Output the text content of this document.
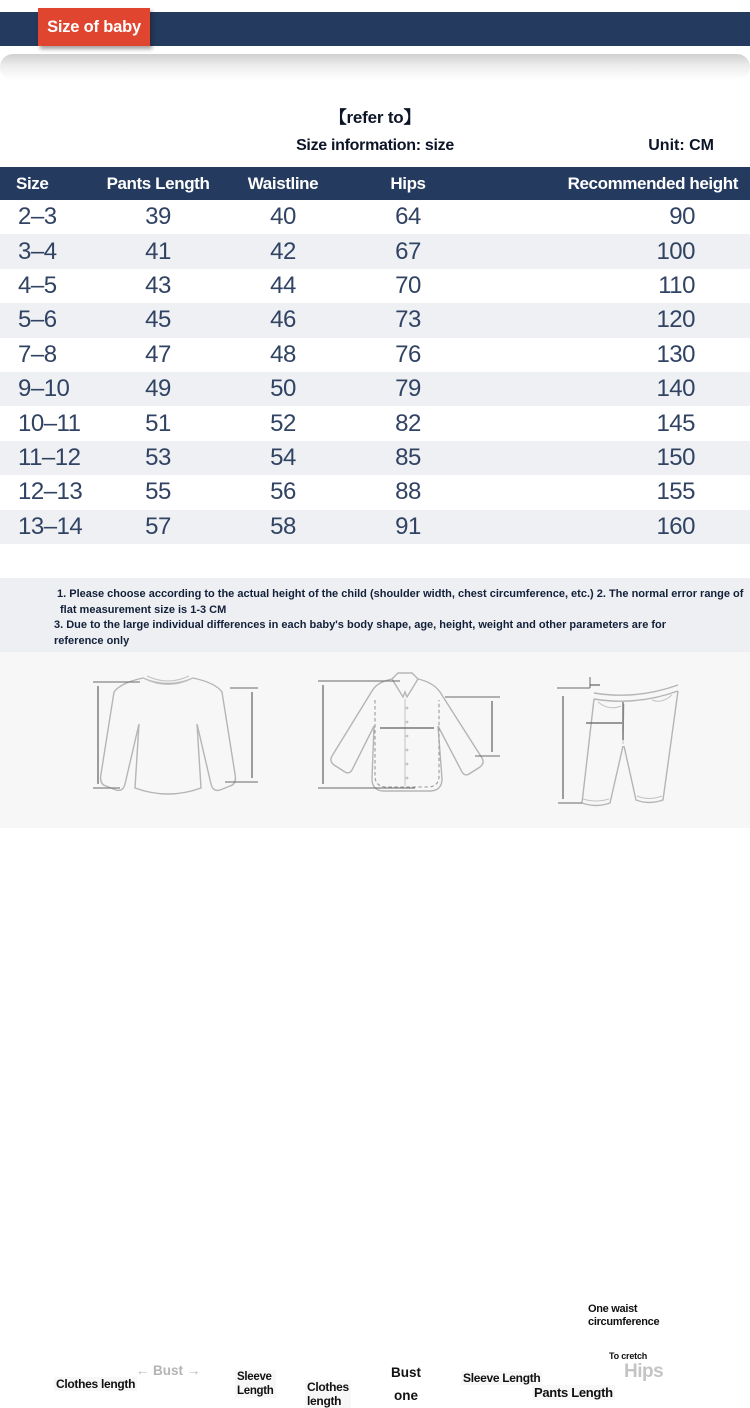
Size of baby
【refer to】
Size information: size	Unit: CM
Size	Pants Length	Waistline	Hips	Recommended height
2–3	39	40	64	90
3–4	41	42	67	100
4–5	43	44	70	110
5–6	45	46	73	120
7–8	47	48	76	130
9–10	49	50	79	140
10–11	51	52	82	145
11–12	53	54	85	150
12–13	55	56	88	155
13–14	57	58	91	160
1. Please choose according to the actual height of the child (shoulder width, chest circumference, etc.) 2. The normal error range of
flat measurement size is 1-3 CM
3. Due to the large individual differences in each baby's body shape, age, height, weight and other parameters are for
reference only
Clothes length
← Bust →	Sleeve
Length	Clothes
length
Bust
one
Sleeve Length
One waist
circumference
To cretch
Hips
Pants Length
